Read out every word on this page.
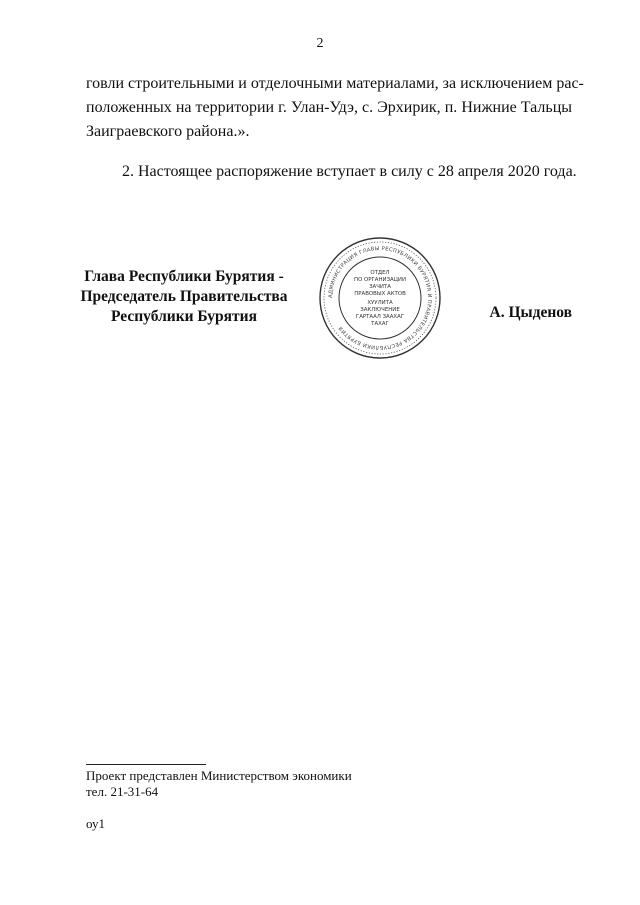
2
говли строительными и отделочными материалами, за исключением рас-
положенных на территории г. Улан-Удэ, с. Эрхирик, п. Нижние Тальцы
Заиграевского района.».
2. Настоящее распоряжение вступает в силу с 28 апреля 2020 года.
Глава Республики Бурятия -
Председатель Правительства
Республики Бурятия
АДМИНИСТРАЦИЯ ГЛАВЫ РЕСПУБЛИКИ БУРЯТИЯ И ПРАВИТЕЛЬСТВА РЕСПУБЛИКИ БУРЯТИЯ
ОТДЕЛ
ПО ОРГАНИЗАЦИИ
ЗАЧИТА
ПРАВОВЫХ АКТОВ
ХУУЛИТА
ЗАКЛЮЧЕНИЕ
ГАРТААЛ ЗААХАГ
ТАХАГ
А. Цыденов
Проект представлен Министерством экономики
тел. 21-31-64
оу1
